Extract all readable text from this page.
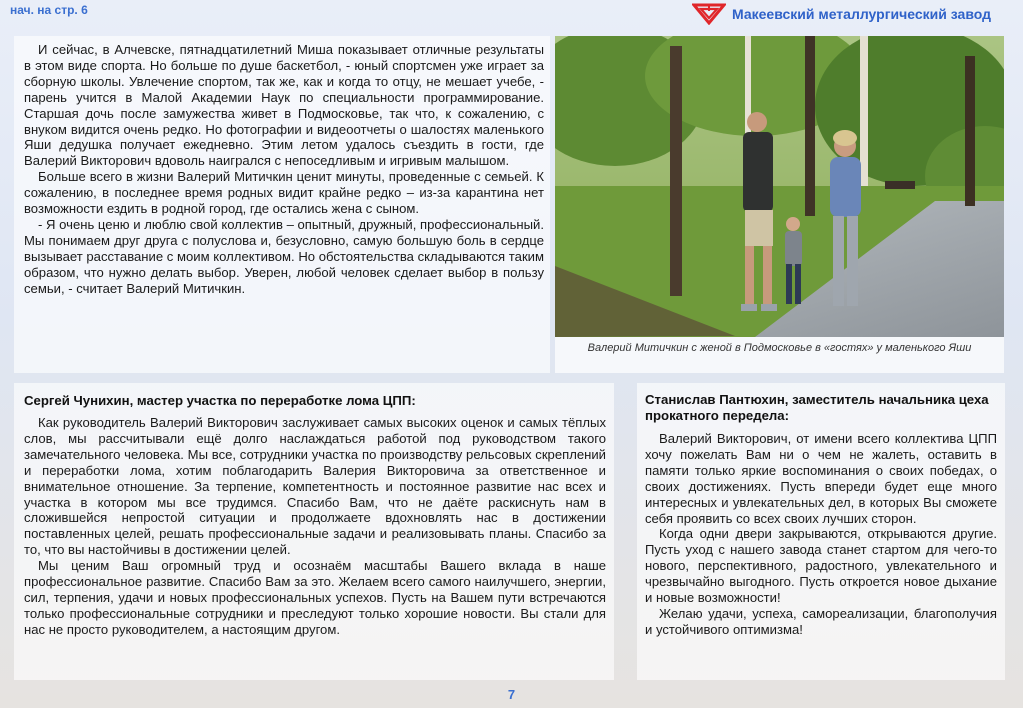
нач. на стр. 6	Макеевский металлургический завод

И сейчас, в Алчевске, пятнадцатилетний Миша показывает отличные результаты в этом виде спорта. Но больше по душе баскетбол, - юный спортсмен уже играет за сборную школы. Увлечение спортом, так же, как и когда то отцу, не мешает учебе, - парень учится в Малой Академии Наук по специальности программирование. Старшая дочь после замужества живет в Подмосковье, так что, к сожалению, с внуком видится очень редко. Но фотографии и видеоотчеты о шалостях маленького Яши дедушка получает ежедневно. Этим летом удалось съездить в гости, где Валерий Викторович вдоволь наигрался с непоседливым и игривым малышом.

Больше всего в жизни Валерий Митичкин ценит минуты, проведенные с семьей. К сожалению, в последнее время родных видит крайне редко – из-за карантина нет возможности ездить в родной город, где остались жена с сыном.

- Я очень ценю и люблю свой коллектив – опытный, дружный, профессиональный. Мы понимаем друг друга с полуслова и, безусловно, самую большую боль в сердце вызывает расставание с моим коллективом. Но обстоятельства складываются таким образом, что нужно делать выбор. Уверен, любой человек сделает выбор в пользу семьи, - считает Валерий Митичкин.

Валерий Митичкин с женой в Подмосковье в «гостях» у маленького Яши
Сергей Чунихин, мастер участка по переработке лома ЦПП:

Как руководитель Валерий Викторович заслуживает самых высоких оценок и самых тёплых слов, мы рассчитывали ещё долго наслаждаться работой под руководством такого замечательного человека. Мы все, сотрудники участка по производству рельсовых скреплений и переработки лома, хотим поблагодарить Валерия Викторовича за ответственное и внимательное отношение. За терпение, компетентность и постоянное развитие нас всех и участка в котором мы все трудимся. Спасибо Вам, что не даёте раскиснуть нам в сложившейся непростой ситуации и продолжаете вдохновлять нас в достижении поставленных целей, решать профессиональные задачи и реализовывать планы. Спасибо за то, что вы настойчивы в достижении целей.

Мы ценим Ваш огромный труд и осознаём масштабы Вашего вклада в наше профессиональное развитие. Спасибо Вам за это. Желаем всего самого наилучшего, энергии, сил, терпения, удачи и новых профессиональных успехов. Пусть на Вашем пути встречаются только профессиональные сотрудники и преследуют только хорошие новости. Вы стали для нас не просто руководителем, а настоящим другом.

Станислав Пантюхин, заместитель начальника цеха прокатного передела:

Валерий Викторович, от имени всего коллектива ЦПП хочу пожелать Вам ни о чем не жалеть, оставить в памяти только яркие воспоминания о своих победах, о своих достижениях. Пусть впереди будет еще много интересных и увлекательных дел, в которых Вы сможете себя проявить со всех своих лучших сторон.

Когда одни двери закрываются, открываются другие. Пусть уход с нашего завода станет стартом для чего-то нового, перспективного, радостного, увлекательного и чрезвычайно выгодного. Пусть откроется новое дыхание и новые возможности!

Желаю удачи, успеха, самореализации, благополучия и устойчивого оптимизма!

7
